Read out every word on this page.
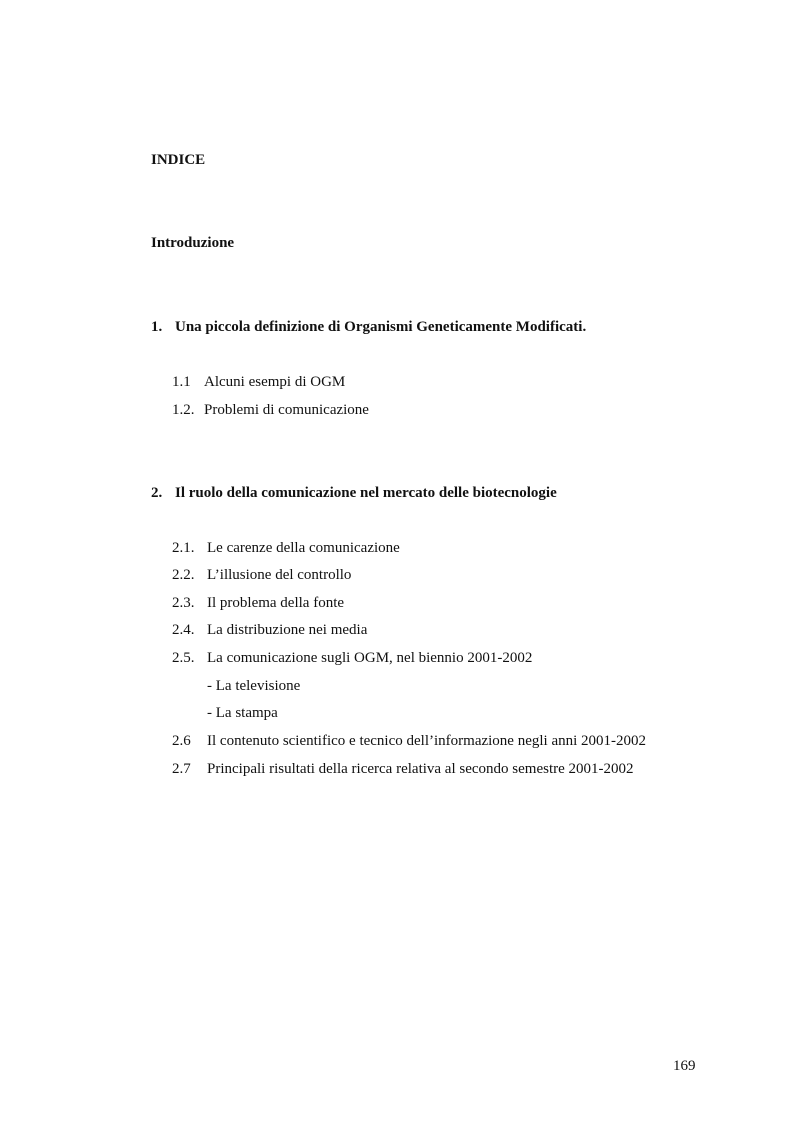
INDICE
Introduzione
1. Una piccola definizione di Organismi Geneticamente Modificati.
1.1 Alcuni esempi di OGM
1.2. Problemi di comunicazione
2. Il ruolo della comunicazione nel mercato delle biotecnologie
2.1. Le carenze della comunicazione
2.2. L’illusione del controllo
2.3. Il problema della fonte
2.4. La distribuzione nei media
2.5. La comunicazione sugli OGM, nel biennio 2001-2002
- La televisione
- La stampa
2.6 Il contenuto scientifico e tecnico dell’informazione negli anni 2001-2002
2.7 Principali risultati della ricerca relativa al secondo semestre 2001-2002
169
